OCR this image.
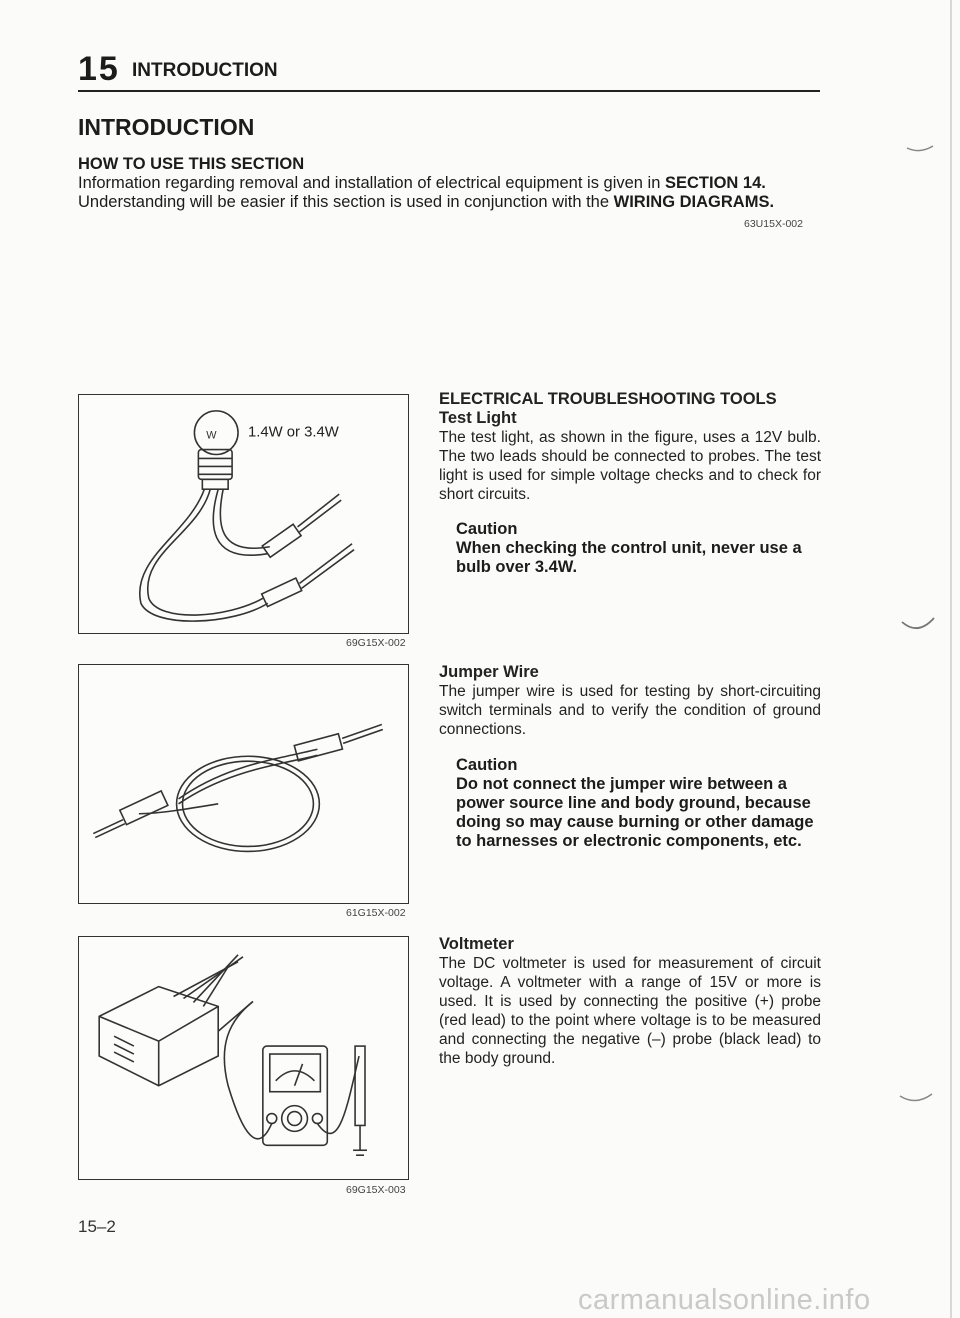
15 INTRODUCTION
INTRODUCTION
HOW TO USE THIS SECTION
Information regarding removal and installation of electrical equipment is given in SECTION 14.
Understanding will be easier if this section is used in conjunction with the WIRING DIAGRAMS.
63U15X-002
W 1.4W or 3.4W
69G15X-002
61G15X-002
69G15X-003
ELECTRICAL TROUBLESHOOTING TOOLS
Test Light
The test light, as shown in the figure, uses a 12V bulb. The two leads should be connected to probes. The test light is used for simple voltage checks and to check for short circuits.
Caution
When checking the control unit, never use a bulb over 3.4W.
Jumper Wire
The jumper wire is used for testing by short-circuiting switch terminals and to verify the condition of ground connections.
Caution
Do not connect the jumper wire between a power source line and body ground, because doing so may cause burning or other damage to harnesses or electronic components, etc.
Voltmeter
The DC voltmeter is used for measurement of circuit voltage. A voltmeter with a range of 15V or more is used. It is used by connecting the positive (+) probe (red lead) to the point where voltage is to be measured and connecting the negative (–) probe (black lead) to the body ground.
15–2
carmanualsonline.info
